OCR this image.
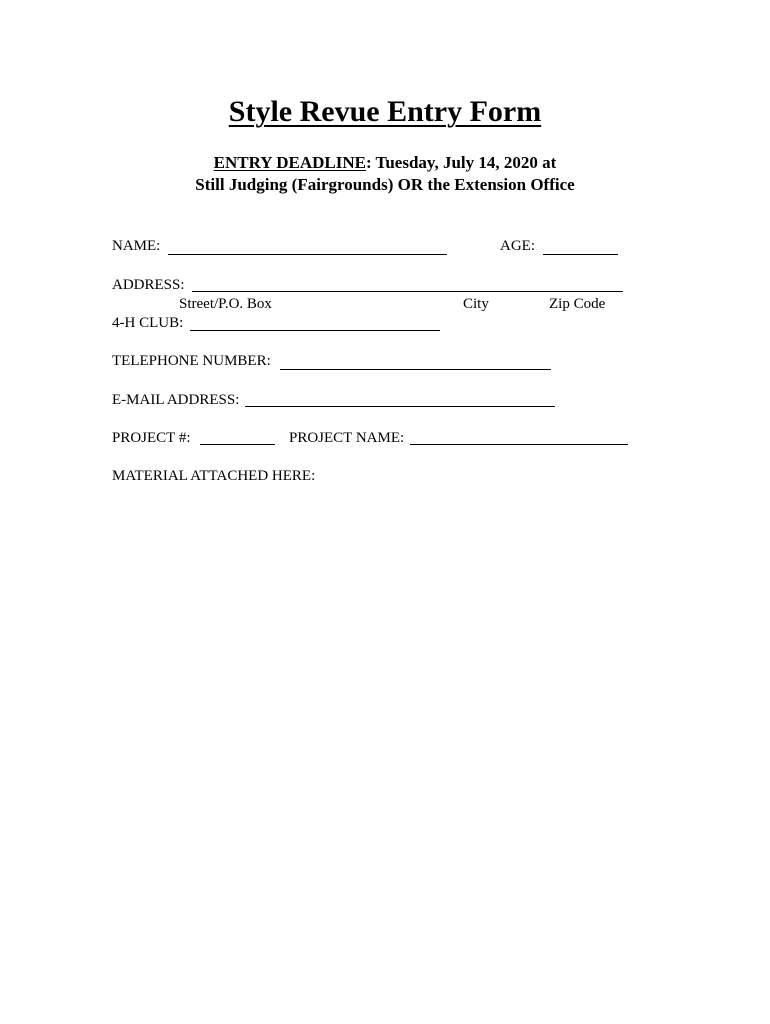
Style Revue Entry Form
ENTRY DEADLINE: Tuesday, July 14, 2020 at
Still Judging (Fairgrounds) OR the Extension Office
NAME:	AGE:
ADDRESS:
Street/P.O. Box	City	Zip Code
4-H CLUB:
TELEPHONE NUMBER:
E-MAIL ADDRESS:
PROJECT #:	PROJECT NAME:
MATERIAL ATTACHED HERE:
